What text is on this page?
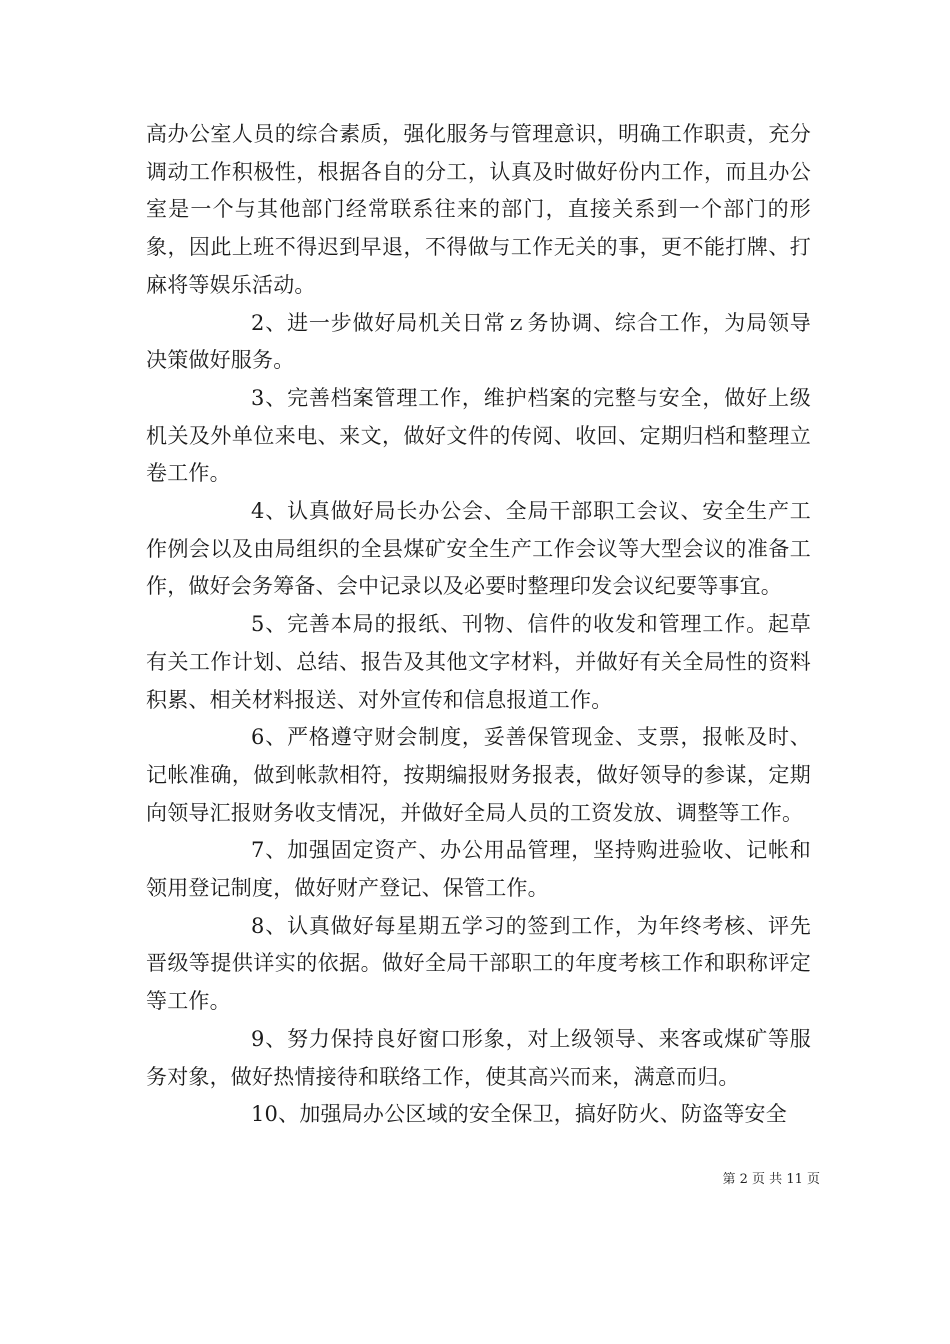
高办公室人员的综合素质，强化服务与管理意识，明确工作职责，充分调动工作积极性，根据各自的分工，认真及时做好份内工作，而且办公室是一个与其他部门经常联系往来的部门，直接关系到一个部门的形象，因此上班不得迟到早退，不得做与工作无关的事，更不能打牌、打麻将等娱乐活动。

2、进一步做好局机关日常ｚ务协调、综合工作，为局领导决策做好服务。

3、完善档案管理工作，维护档案的完整与安全，做好上级机关及外单位来电、来文，做好文件的传阅、收回、定期归档和整理立卷工作。

4、认真做好局长办公会、全局干部职工会议、安全生产工作例会以及由局组织的全县煤矿安全生产工作会议等大型会议的准备工作，做好会务筹备、会中记录以及必要时整理印发会议纪要等事宜。

5、完善本局的报纸、刊物、信件的收发和管理工作。起草有关工作计划、总结、报告及其他文字材料，并做好有关全局性的资料积累、相关材料报送、对外宣传和信息报道工作。

6、严格遵守财会制度，妥善保管现金、支票，报帐及时、记帐准确，做到帐款相符，按期编报财务报表，做好领导的参谋，定期向领导汇报财务收支情况，并做好全局人员的工资发放、调整等工作。

7、加强固定资产、办公用品管理，坚持购进验收、记帐和领用登记制度，做好财产登记、保管工作。

8、认真做好每星期五学习的签到工作，为年终考核、评先晋级等提供详实的依据。做好全局干部职工的年度考核工作和职称评定等工作。

9、努力保持良好窗口形象，对上级领导、来客或煤矿等服务对象，做好热情接待和联络工作，使其高兴而来，满意而归。

10、加强局办公区域的安全保卫，搞好防火、防盗等安全

第 2 页 共 11 页
